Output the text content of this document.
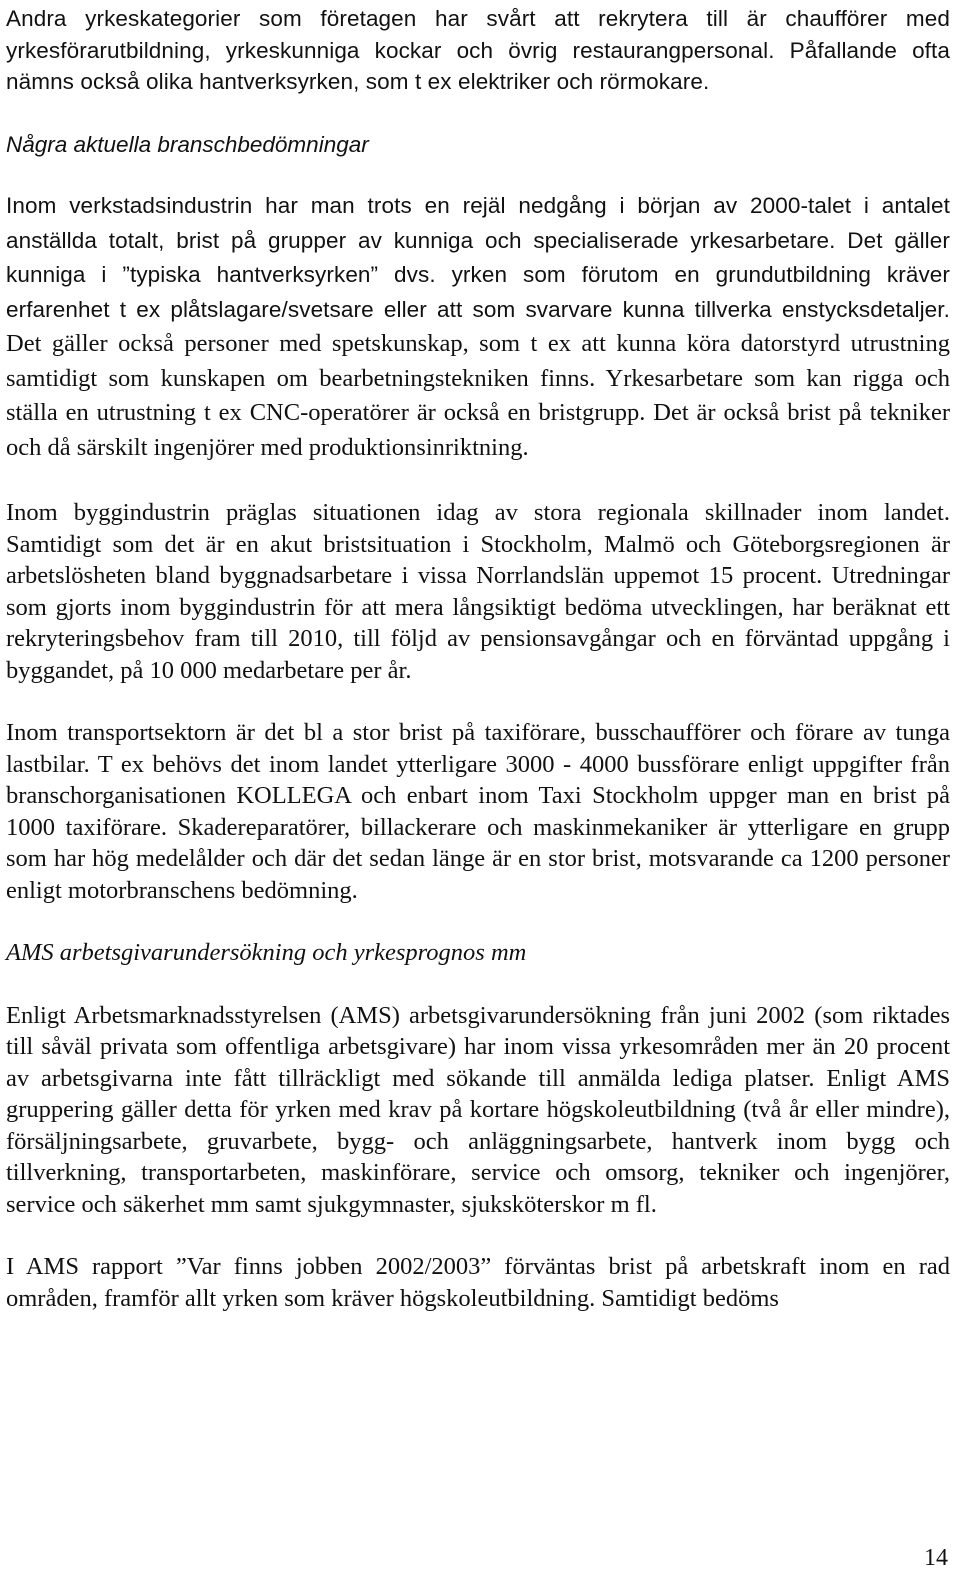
Andra yrkeskategorier som företagen har svårt att rekrytera till är chaufförer med yrkesförarutbildning, yrkeskunniga kockar och övrig restaurangpersonal. Påfallande ofta nämns också olika hantverksyrken, som t ex elektriker och rörmokare.

Några aktuella branschbedömningar

Inom verkstadsindustrin har man trots en rejäl nedgång i början av 2000-talet i antalet anställda totalt, brist på grupper av kunniga och specialiserade yrkesarbetare. Det gäller kunniga i ”typiska hantverksyrken” dvs. yrken som förutom en grundutbildning kräver erfarenhet t ex plåtslagare/svetsare eller att som svarvare kunna tillverka enstycksdetaljer. Det gäller också personer med spetskunskap, som t ex att kunna köra datorstyrd utrustning samtidigt som kunskapen om bearbetningstekniken finns. Yrkesarbetare som kan rigga och ställa en utrustning t ex CNC-operatörer är också en bristgrupp. Det är också brist på tekniker och då särskilt ingenjörer med produktionsinriktning.

Inom byggindustrin präglas situationen idag av stora regionala skillnader inom landet. Samtidigt som det är en akut bristsituation i Stockholm, Malmö och Göteborgsregionen är arbetslösheten bland byggnadsarbetare i vissa Norrlandslän uppemot 15 procent. Utredningar som gjorts inom byggindustrin för att mera långsiktigt bedöma utvecklingen, har beräknat ett rekryteringsbehov fram till 2010, till följd av pensionsavgångar och en förväntad uppgång i byggandet, på 10 000 medarbetare per år.

Inom transportsektorn är det bl a stor brist på taxiförare, busschaufförer och förare av tunga lastbilar. T ex behövs det inom landet ytterligare 3000 - 4000 bussförare enligt uppgifter från branschorganisationen KOLLEGA och enbart inom Taxi Stockholm uppger man en brist på 1000 taxiförare. Skadereparatörer, billackerare och maskinmekaniker är ytterligare en grupp som har hög medelålder och där det sedan länge är en stor brist, motsvarande ca 1200 personer enligt motorbranschens bedömning.

AMS arbetsgivarundersökning och yrkesprognos mm

Enligt Arbetsmarknadsstyrelsen (AMS) arbetsgivarundersökning från juni 2002 (som riktades till såväl privata som offentliga arbetsgivare) har inom vissa yrkesområden mer än 20 procent av arbetsgivarna inte fått tillräckligt med sökande till anmälda lediga platser. Enligt AMS gruppering gäller detta för yrken med krav på kortare högskoleutbildning (två år eller mindre), försäljningsarbete, gruvarbete, bygg- och anläggningsarbete, hantverk inom bygg och tillverkning, transportarbeten, maskinförare, service och omsorg, tekniker och ingenjörer, service och säkerhet mm samt sjukgymnaster, sjuksköterskor m fl.

I AMS rapport ”Var finns jobben 2002/2003” förväntas brist på arbetskraft inom en rad områden, framför allt yrken som kräver högskoleutbildning. Samtidigt bedöms

14
